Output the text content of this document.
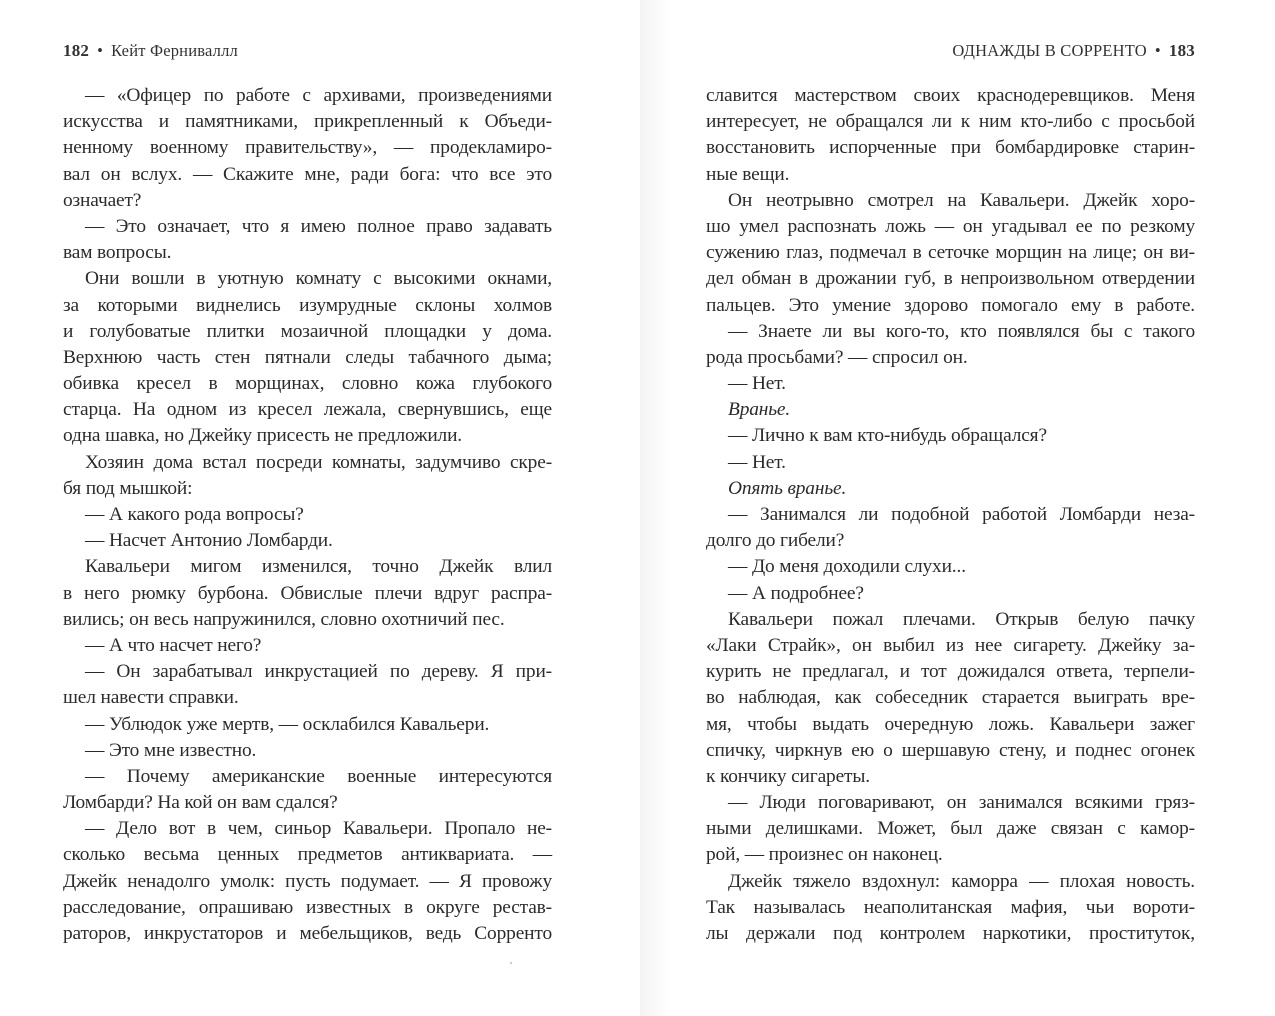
182 • Кейт Ферниваллл
— «Офицер по работе с архивами, произведениями
искусства и памятниками, прикрепленный к Объеди-
ненному военному правительству», — продекламиро-
вал он вслух. — Скажите мне, ради бога: что все это
означает?
— Это означает, что я имею полное право задавать
вам вопросы.
Они вошли в уютную комнату с высокими окнами,
за которыми виднелись изумрудные склоны холмов
и голубоватые плитки мозаичной площадки у дома.
Верхнюю часть стен пятнали следы табачного дыма;
обивка кресел в морщинах, словно кожа глубокого
старца. На одном из кресел лежала, свернувшись, еще
одна шавка, но Джейку присесть не предложили.
Хозяин дома встал посреди комнаты, задумчиво скре-
бя под мышкой:
— А какого рода вопросы?
— Насчет Антонио Ломбарди.
Кавальери мигом изменился, точно Джейк влил
в него рюмку бурбона. Обвислые плечи вдруг распра-
вились; он весь напружинился, словно охотничий пес.
— А что насчет него?
— Он зарабатывал инкрустацией по дереву. Я при-
шел навести справки.
— Ублюдок уже мертв, — осклабился Кавальери.
— Это мне известно.
— Почему американские военные интересуются
Ломбарди? На кой он вам сдался?
— Дело вот в чем, синьор Кавальери. Пропало не-
сколько весьма ценных предметов антиквариата. —
Джейк ненадолго умолк: пусть подумает. — Я провожу
расследование, опрашиваю известных в округе рестав-
раторов, инкрустаторов и мебельщиков, ведь Сорренто
ОДНАЖДЫ В СОРРЕНТО • 183
славится мастерством своих краснодеревщиков. Меня
интересует, не обращался ли к ним кто-либо с просьбой
восстановить испорченные при бомбардировке старин-
ные вещи.
Он неотрывно смотрел на Кавальери. Джейк хоро-
шо умел распознать ложь — он угадывал ее по резкому
сужению глаз, подмечал в сеточке морщин на лице; он ви-
дел обман в дрожании губ, в непроизвольном отвердении
пальцев. Это умение здорово помогало ему в работе.
— Знаете ли вы кого-то, кто появлялся бы с такого
рода просьбами? — спросил он.
— Нет.
Вранье.
— Лично к вам кто-нибудь обращался?
— Нет.
Опять вранье.
— Занимался ли подобной работой Ломбарди неза-
долго до гибели?
— До меня доходили слухи...
— А подробнее?
Кавальери пожал плечами. Открыв белую пачку
«Лаки Страйк», он выбил из нее сигарету. Джейку за-
курить не предлагал, и тот дожидался ответа, терпели-
во наблюдая, как собеседник старается выиграть вре-
мя, чтобы выдать очередную ложь. Кавальери зажег
спичку, чиркнув ею о шершавую стену, и поднес огонек
к кончику сигареты.
— Люди поговаривают, он занимался всякими гряз-
ными делишками. Может, был даже связан с камор-
рой, — произнес он наконец.
Джейк тяжело вздохнул: каморра — плохая новость.
Так называлась неаполитанская мафия, чьи вороти-
лы держали под контролем наркотики, проституток,
